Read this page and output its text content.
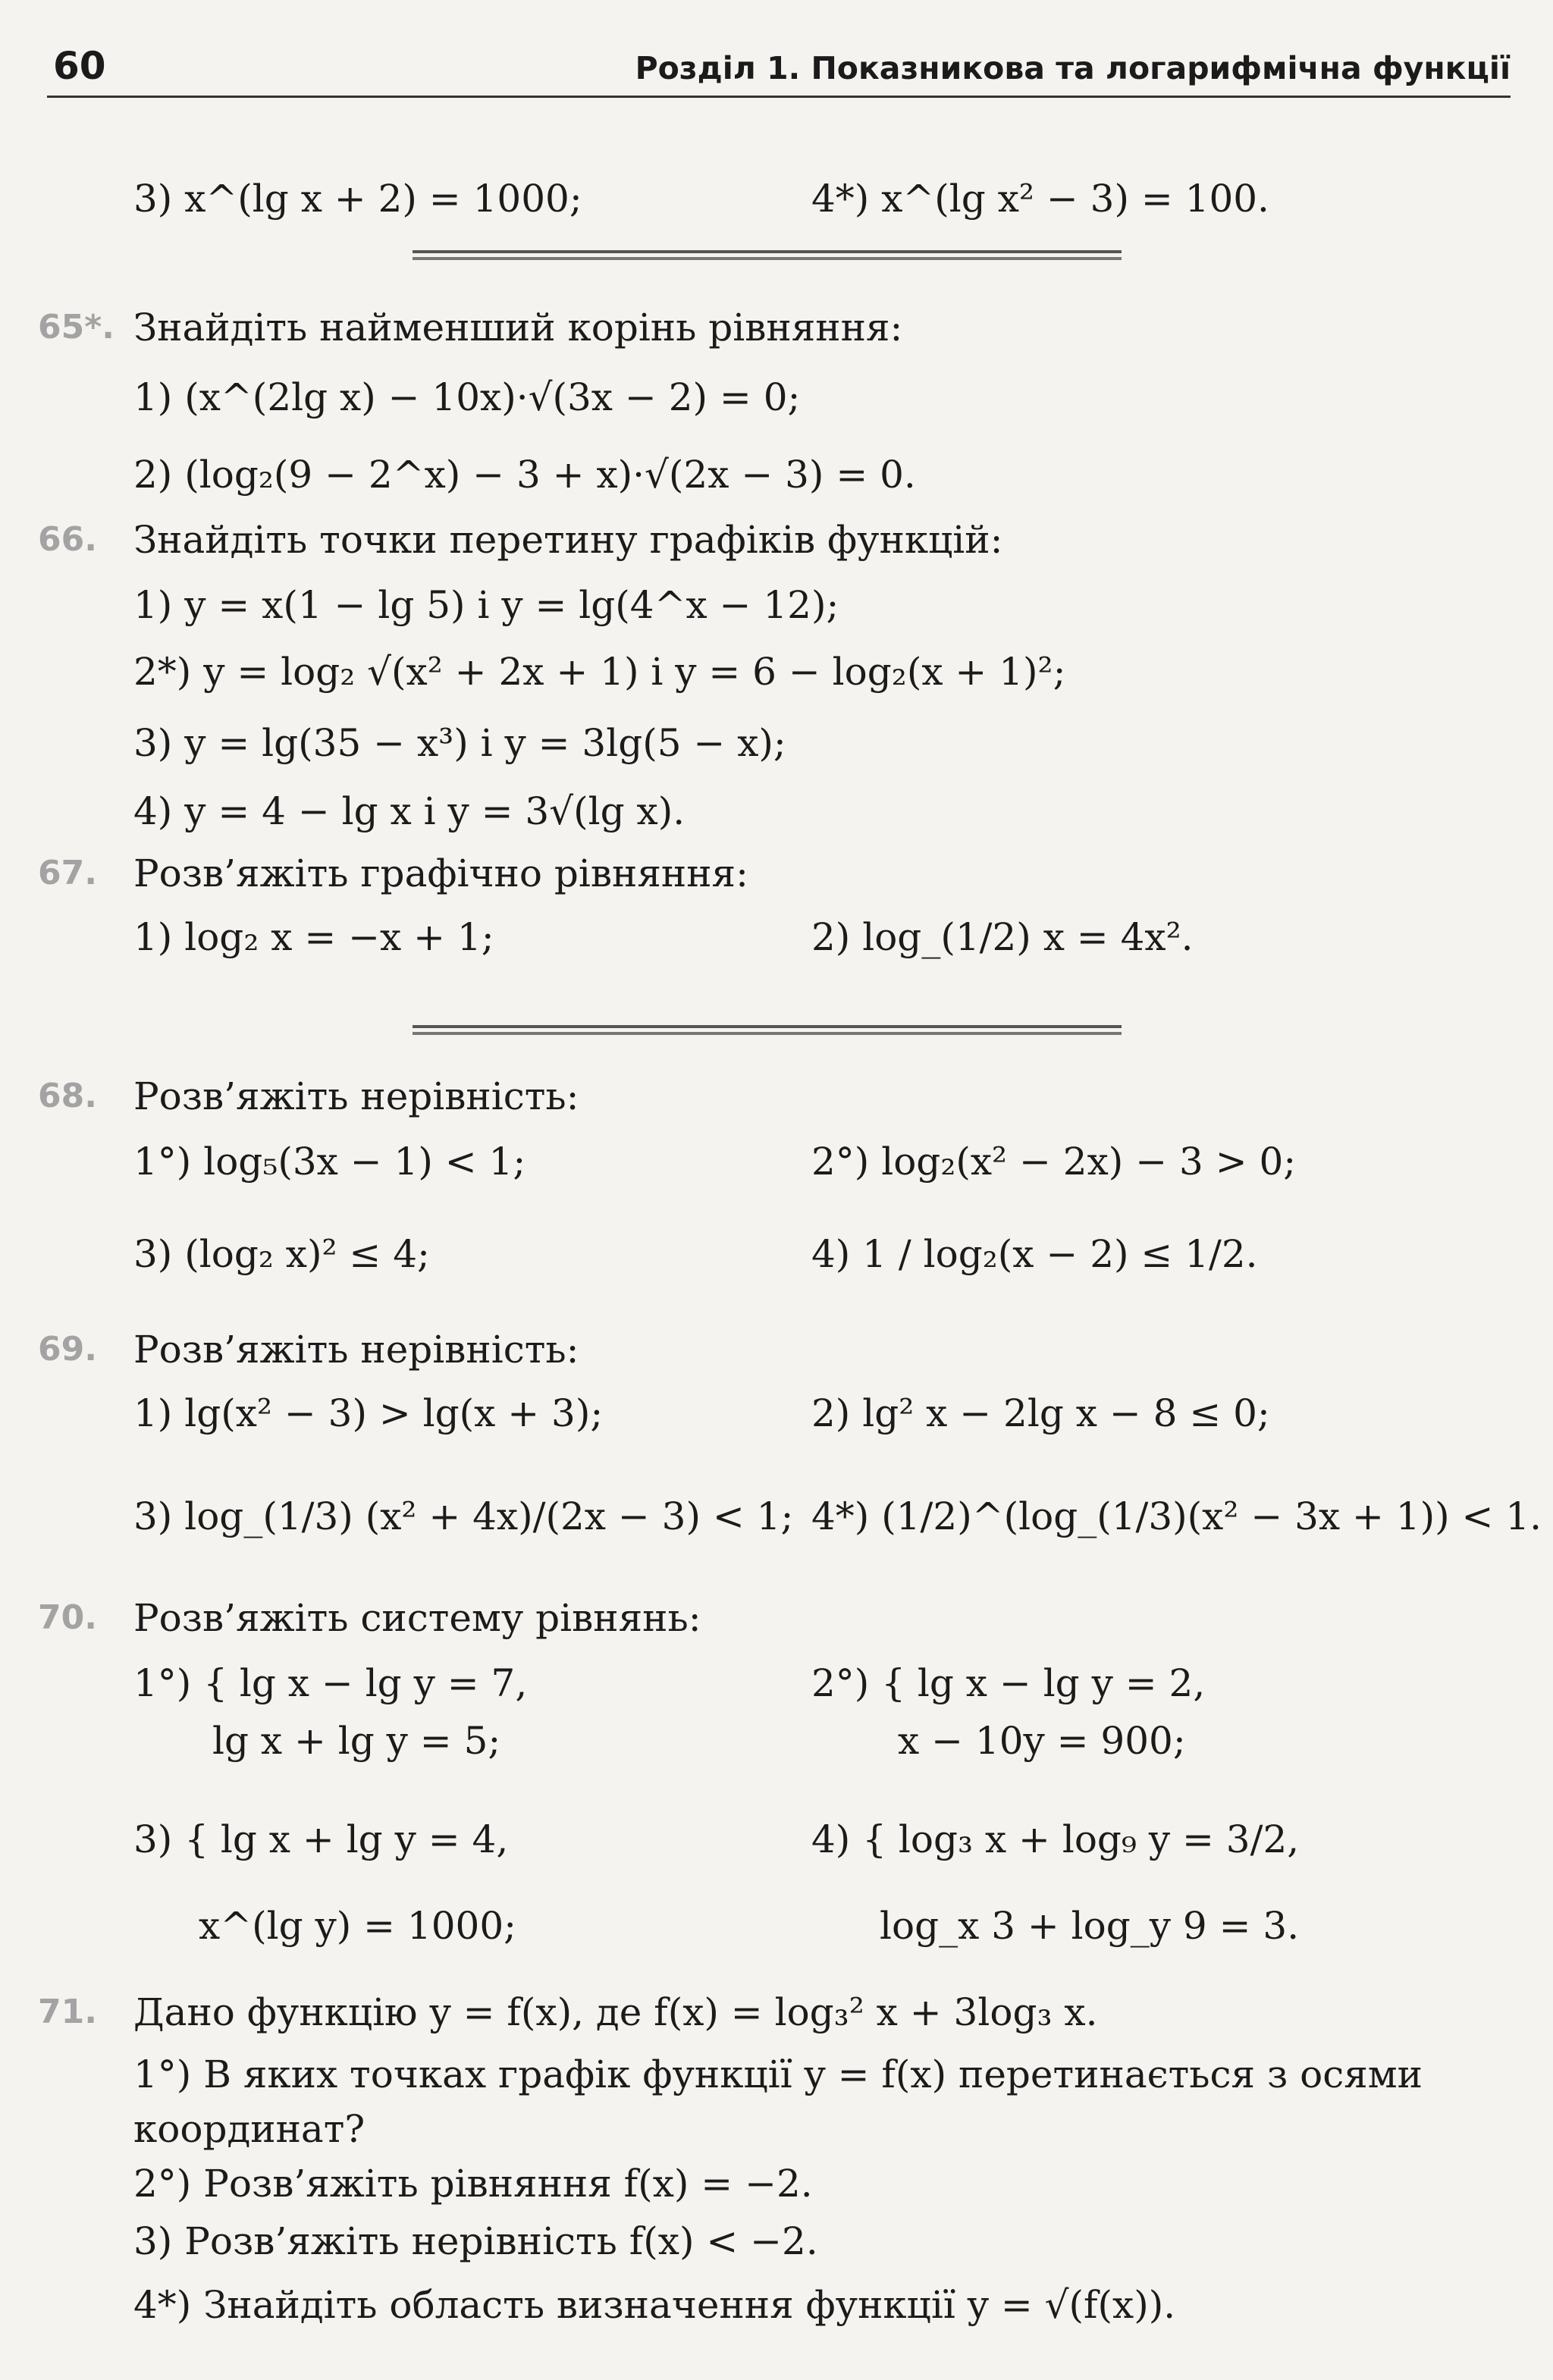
60	Розділ 1. Показникова та логарифмічна функції
3) x^(lg x + 2) = 1000;	4*) x^(lg x² − 3) = 100.
65*. Знайдіть найменший корінь рівняння:
1) (x^(2lg x) − 10x)·√(3x − 2) = 0;
2) (log₂(9 − 2^x) − 3 + x)·√(2x − 3) = 0.
66. Знайдіть точки перетину графіків функцій:
1) y = x(1 − lg 5) і y = lg(4^x − 12);
2*) y = log₂ √(x² + 2x + 1) і y = 6 − log₂(x + 1)²;
3) y = lg(35 − x³) і y = 3lg(5 − x);
4) y = 4 − lg x і y = 3√(lg x).
67. Розв’яжіть графічно рівняння:
1) log₂ x = −x + 1;	2) log_(1/2) x = 4x².
68. Розв’яжіть нерівність:
1°) log₅(3x − 1) < 1;	2°) log₂(x² − 2x) − 3 > 0;
3) (log₂ x)² ≤ 4;	4) 1 / log₂(x − 2) ≤ 1/2.
69. Розв’яжіть нерівність:
1) lg(x² − 3) > lg(x + 3);	2) lg² x − 2lg x − 8 ≤ 0;
3) log_(1/3) (x² + 4x)/(2x − 3) < 1; 4*) (1/2)^(log_(1/3)(x² − 3x + 1)) < 1.
70. Розв’яжіть систему рівнянь:
1°) { lg x − lg y = 7,	2°) { lg x − lg y = 2,
lg x + lg y = 5;	x − 10y = 900;
3) { lg x + lg y = 4,	4) { log₃ x + log₉ y = 3/2,
x^(lg y) = 1000;	log_x 3 + log_y 9 = 3.
71. Дано функцію y = f(x), де f(x) = log₃² x + 3log₃ x.
1°) В яких точках графік функції y = f(x) перетинається з осями координат?
2°) Розв’яжіть рівняння f(x) = −2.
3) Розв’яжіть нерівність f(x) < −2.
4*) Знайдіть область визначення функції y = √(f(x)).
